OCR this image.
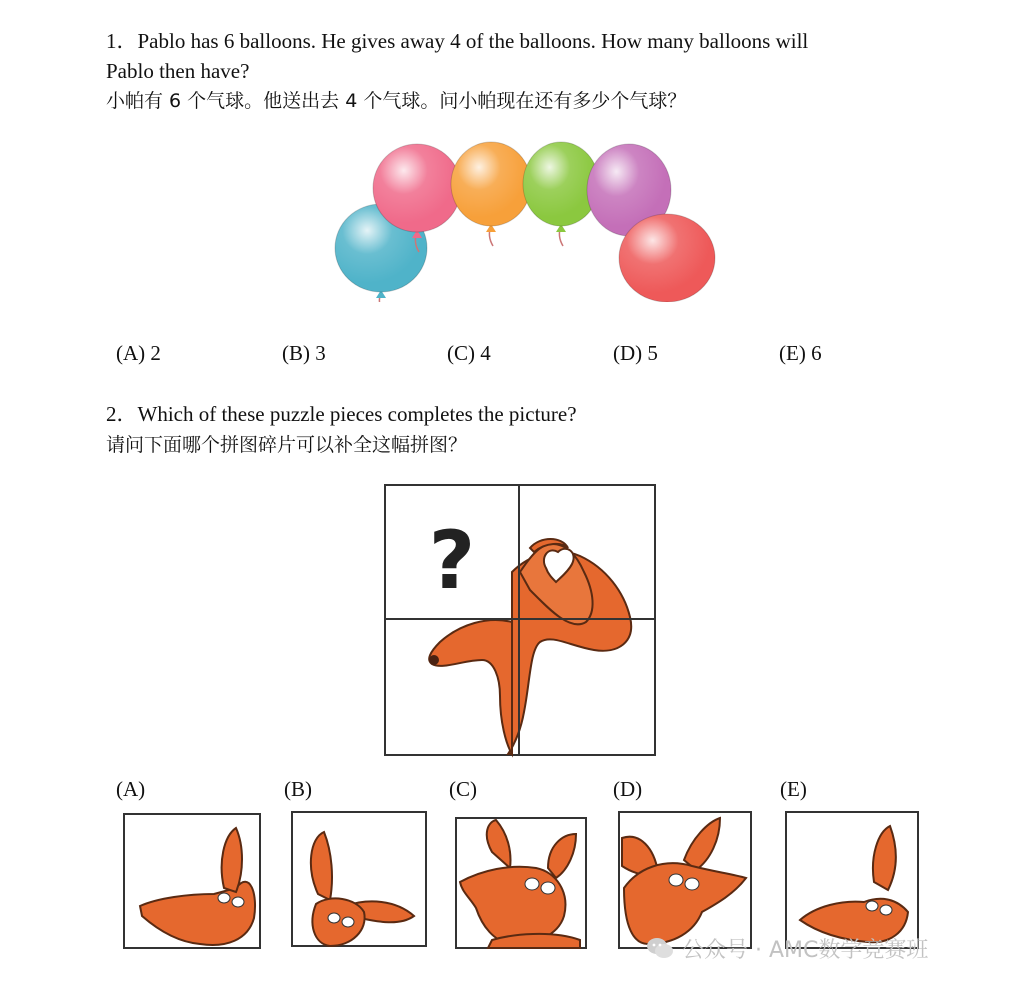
1．Pablo has 6 balloons. He gives away 4 of the balloons. How many balloons will
Pablo then have?
小帕有 6 个气球。他送出去 4 个气球。问小帕现在还有多少个气球？
(A) 2	(B) 3	(C) 4	(D) 5	(E) 6
2．Which of these puzzle pieces completes the picture?
请问下面哪个拼图碎片可以补全这幅拼图？
?
(A)	(B)	(C)	(D)	(E)
公众号 · AMC数学竞赛班
